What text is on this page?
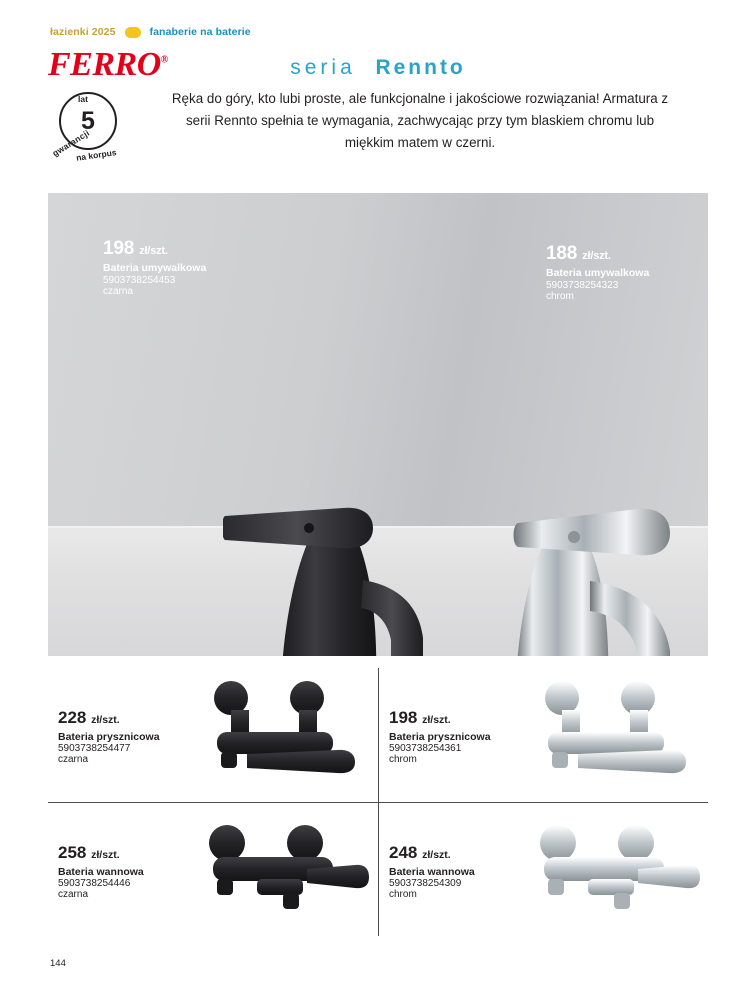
łazienki 2025	fanaberie na baterie
FERRO®
5
lat
gwarancji
na korpus
seria Rennto
Ręka do góry, kto lubi proste, ale funkcjonalne i jakościowe rozwiązania! Armatura z serii Rennto spełnia te wymagania, zachwycając przy tym blaskiem chromu lub miękkim matem w czerni.
198 zł/szt.
Bateria umywalkowa
5903738254453
czarna
188 zł/szt.
Bateria umywalkowa
5903738254323
chrom
228 zł/szt.
Bateria prysznicowa
5903738254477
czarna
198 zł/szt.
Bateria prysznicowa
5903738254361
chrom
258 zł/szt.
Bateria wannowa
5903738254446
czarna
248 zł/szt.
Bateria wannowa
5903738254309
chrom
144
